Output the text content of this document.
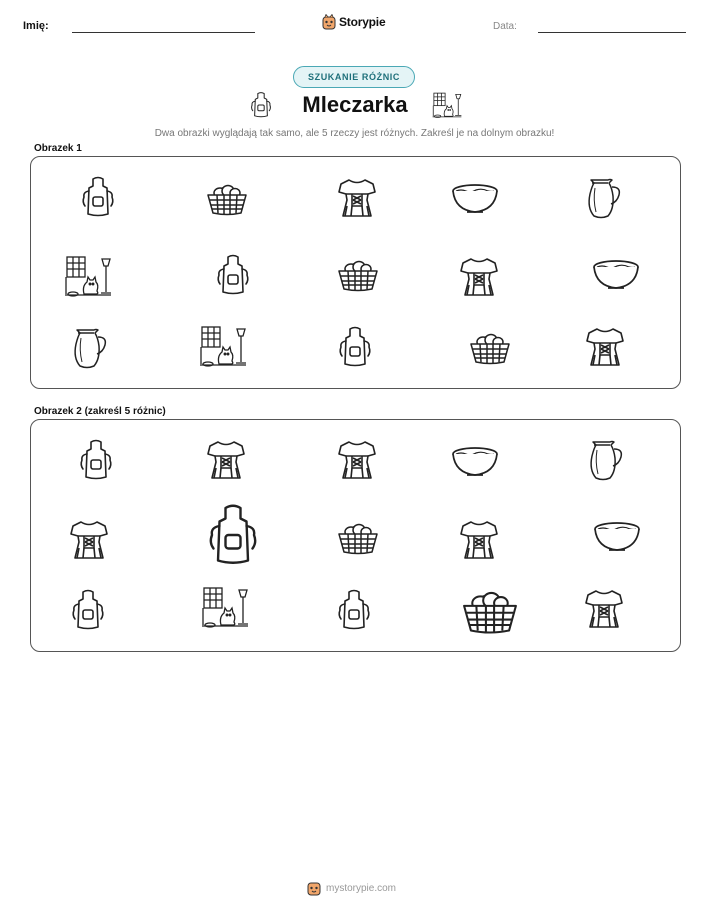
Imię:	Storypie	Data:
SZUKANIE RÓŻNIC
Mleczarka
Dwa obrazki wyglądają tak samo, ale 5 rzeczy jest różnych. Zakreśl je na dolnym obrazku!
Obrazek 1
Obrazek 2 (zakreśl 5 różnic)
mystorypie.com
